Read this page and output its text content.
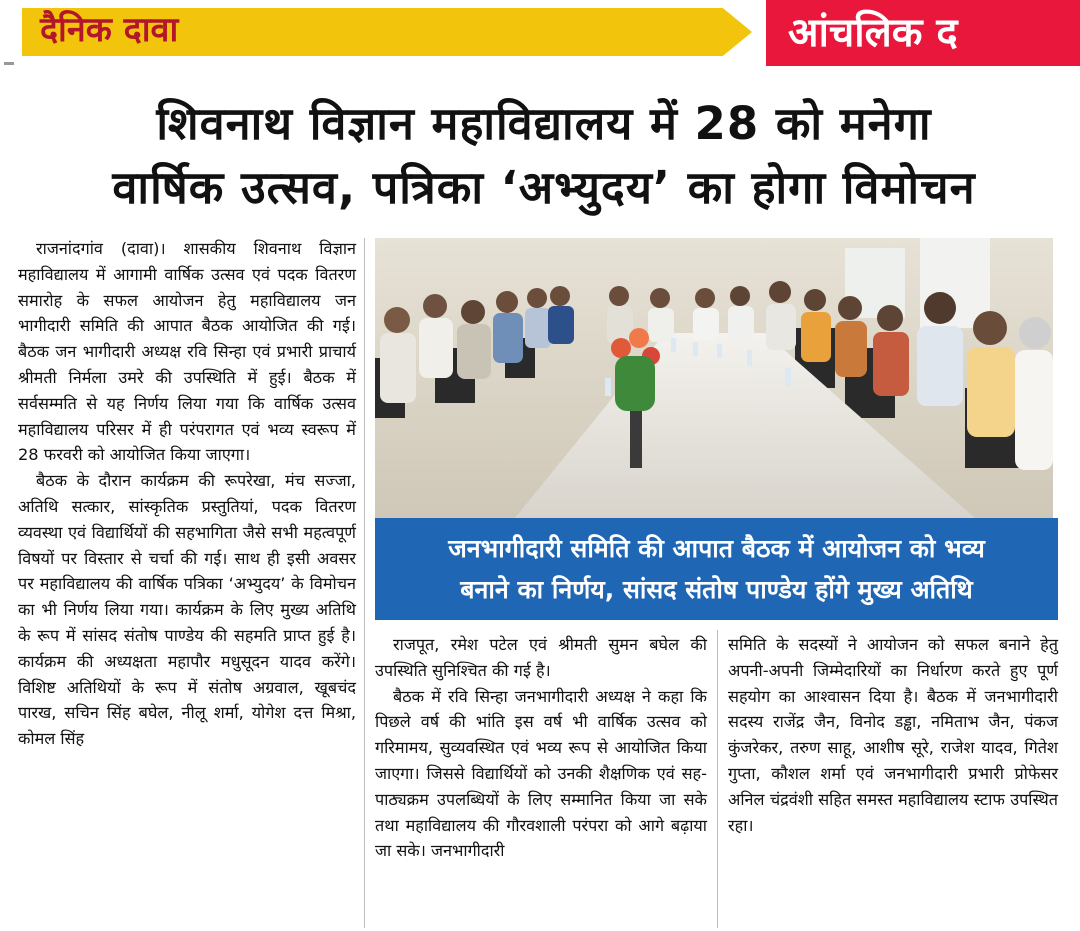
दैनिक दावा	आंचलिक द
शिवनाथ विज्ञान महाविद्यालय में 28 को मनेगा
वार्षिक उत्सव, पत्रिका ‘अभ्युदय’ का होगा विमोचन
जनभागीदारी समिति की आपात बैठक में आयोजन को भव्य
बनाने का निर्णय, सांसद संतोष पाण्डेय होंगे मुख्य अतिथि

राजनांदगांव (दावा)। शासकीय शिवनाथ विज्ञान महाविद्यालय में आगामी वार्षिक उत्सव एवं पदक वितरण समारोह के सफल आयोजन हेतु महाविद्यालय जन भागीदारी समिति की आपात बैठक आयोजित की गई। बैठक जन भागीदारी अध्यक्ष रवि सिन्हा एवं प्रभारी प्राचार्य श्रीमती निर्मला उमरे की उपस्थिति में हुई। बैठक में सर्वसम्मति से यह निर्णय लिया गया कि वार्षिक उत्सव महाविद्यालय परिसर में ही परंपरागत एवं भव्य स्वरूप में 28 फरवरी को आयोजित किया जाएगा।

बैठक के दौरान कार्यक्रम की रूपरेखा, मंच सज्जा, अतिथि सत्कार, सांस्कृतिक प्रस्तुतियां, पदक वितरण व्यवस्था एवं विद्यार्थियों की सहभागिता जैसे सभी महत्वपूर्ण विषयों पर विस्तार से चर्चा की गई। साथ ही इसी अवसर पर महाविद्यालय की वार्षिक पत्रिका ‘अभ्युदय’ के विमोचन का भी निर्णय लिया गया। कार्यक्रम के लिए मुख्य अतिथि के रूप में सांसद संतोष पाण्डेय की सहमति प्राप्त हुई है। कार्यक्रम की अध्यक्षता महापौर मधुसूदन यादव करेंगे। विशिष्ट अतिथियों के रूप में संतोष अग्रवाल, खूबचंद पारख, सचिन सिंह बघेल, नीलू शर्मा, योगेश दत्त मिश्रा, कोमल सिंह

राजपूत, रमेश पटेल एवं श्रीमती सुमन बघेल की उपस्थिति सुनिश्चित की गई है।

बैठक में रवि सिन्हा जनभागीदारी अध्यक्ष ने कहा कि पिछले वर्ष की भांति इस वर्ष भी वार्षिक उत्सव को गरिमामय, सुव्यवस्थित एवं भव्य रूप से आयोजित किया जाएगा। जिससे विद्यार्थियों को उनकी शैक्षणिक एवं सह-पाठ्यक्रम उपलब्धियों के लिए सम्मानित किया जा सके तथा महाविद्यालय की गौरवशाली परंपरा को आगे बढ़ाया जा सके। जनभागीदारी

समिति के सदस्यों ने आयोजन को सफल बनाने हेतु अपनी-अपनी जिम्मेदारियों का निर्धारण करते हुए पूर्ण सहयोग का आश्वासन दिया है। बैठक में जनभागीदारी सदस्य राजेंद्र जैन, विनोद डड्ढा, नमिताभ जैन, पंकज कुंजरेकर, तरुण साहू, आशीष सूरे, राजेश यादव, गितेश गुप्ता, कौशल शर्मा एवं जनभागीदारी प्रभारी प्रोफेसर अनिल चंद्रवंशी सहित समस्त महाविद्यालय स्टाफ उपस्थित रहा।
